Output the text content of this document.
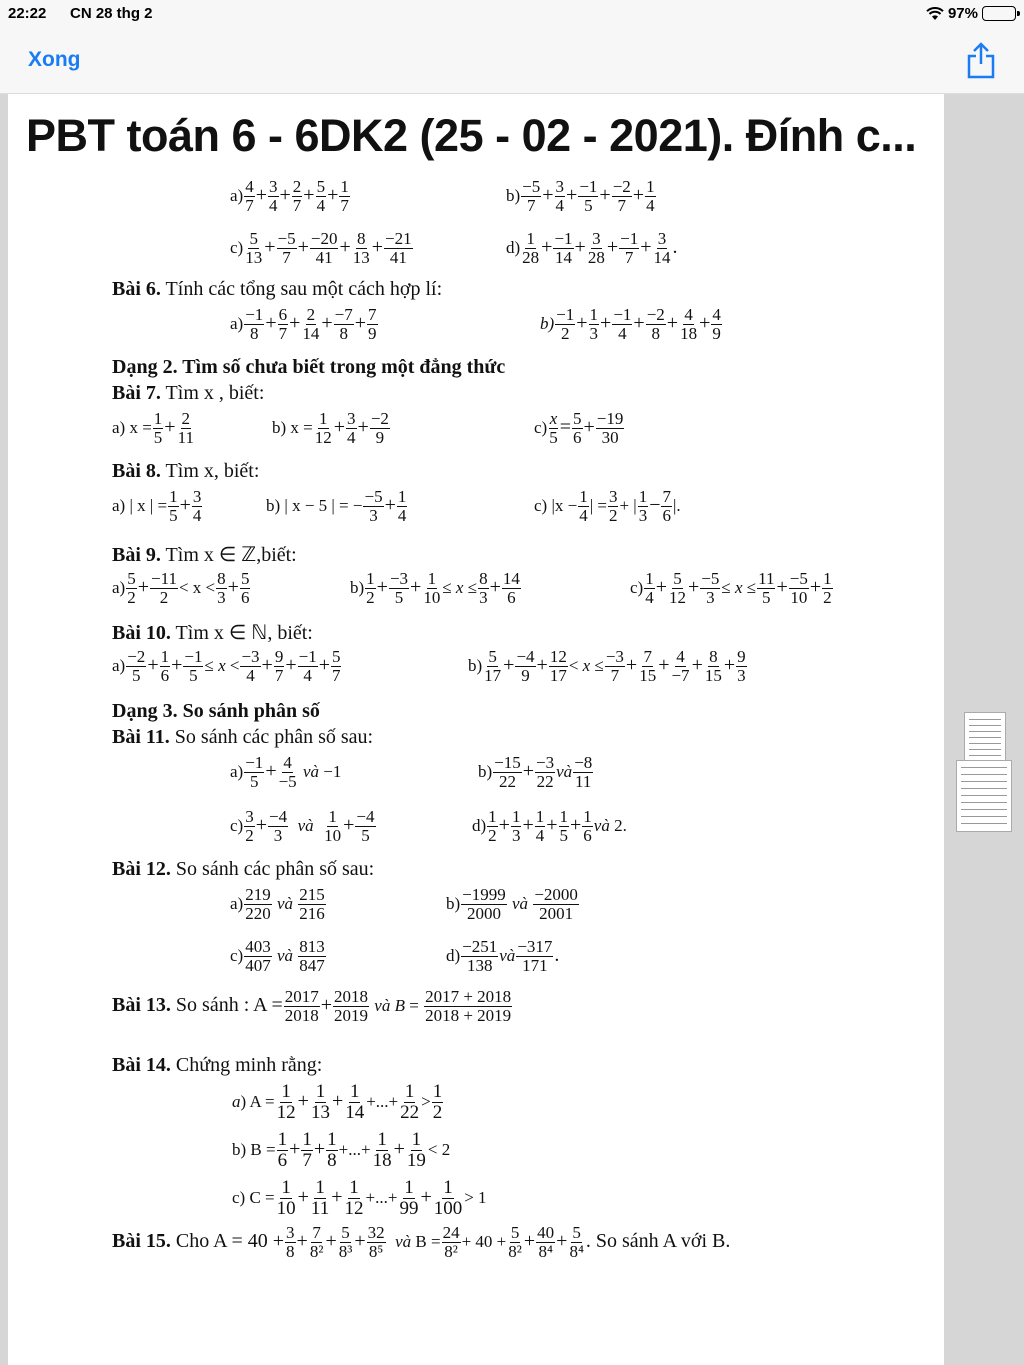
22:22 CN 28 thg 2	97%
Xong
PBT toán 6 - 6DK2 (25 - 02 - 2021). Đính c...
$a) \frac{4}{7} + \frac{3}{4} + \frac{2}{7} + \frac{5}{4} + \frac{1}{7}$	$b) \frac{-5}{7} + \frac{3}{4} + \frac{-1}{5} + \frac{-2}{7} + \frac{1}{4}$
$c) \frac{5}{13} + \frac{-5}{7} + \frac{-20}{41} + \frac{8}{13} + \frac{-21}{41}$	$d) \frac{1}{28} + \frac{-1}{14} + \frac{3}{28} + \frac{-1}{7} + \frac{3}{14}$ .
Bài 6. Tính các tổng sau một cách hợp lí:
$a) \frac{-1}{8} + \frac{6}{7} + \frac{2}{14} + \frac{-7}{8} + \frac{7}{9}$	$b) \frac{-1}{2} + \frac{1}{3} + \frac{-1}{4} + \frac{-2}{8} + \frac{4}{18} + \frac{4}{9}$
Dạng 2. Tìm số chưa biết trong một đẳng thức
Bài 7. Tìm x , biết:
a) $x = \frac{1}{5} + \frac{2}{11}$	b) $x = \frac{1}{12} + \frac{3}{4} + \frac{-2}{9}$	$c) \frac{x}{5} = \frac{5}{6} + \frac{-19}{30}$
Bài 8. Tìm x, biết:
a) | x | = $\frac{1}{5} + \frac{3}{4}$	b) | x − 5 | = − $\frac{-5}{3} + \frac{1}{4}$	c) $|x - \frac{1}{4}$ | = $\frac{3}{2}$ + | $\frac{1}{3} - \frac{7}{6}$ |.
Bài 9. Tìm x ∈ ℤ,biết:
$a) \frac{5}{2} + \frac{-11}{2} < x < \frac{8}{3} + \frac{5}{6}$	$b) \frac{1}{2} + \frac{-3}{5} + \frac{1}{10} \le x \le \frac{8}{3} + \frac{14}{6}$	$c) \frac{1}{4} + \frac{5}{12} + \frac{-5}{3} \le x \le \frac{11}{5} + \frac{-5}{10} + \frac{1}{2}$
Bài 10. Tìm x ∈ ℕ, biết:
$a) \frac{-2}{5} + \frac{1}{6} + \frac{-1}{5} \le x < \frac{-3}{4} + \frac{9}{7} + \frac{-1}{4} + \frac{5}{7}$	$b) \frac{5}{17} + \frac{-4}{9} + \frac{12}{17} < x \le \frac{-3}{7} + \frac{7}{15} + \frac{4}{-7} + \frac{8}{15} + \frac{9}{3}$
Dạng 3. So sánh phân số
Bài 11. So sánh các phân số sau:
$a) \frac{-1}{5} + \frac{4}{-5}$ và −1	$b) \frac{-15}{22} + \frac{-3}{22}$ và $\frac{-8}{11}$
$c) \frac{3}{2} + \frac{-4}{3}$ và $\frac{1}{10} + \frac{-4}{5}$	$d) \frac{1}{2} + \frac{1}{3} + \frac{1}{4} + \frac{1}{5} + \frac{1}{6}$ và 2.
Bài 12. So sánh các phân số sau:
$a) \frac{219}{220}$ và $\frac{215}{216}$	$b) \frac{-1999}{2000}$ và $\frac{-2000}{2001}$
$c) \frac{403}{407}$ và $\frac{813}{847}$	$d) \frac{-251}{138}$ và $\frac{-317}{171}$ .
Bài 13. So sánh : $A = \frac{2017}{2018} + \frac{2018}{2019}$ và $B = \frac{2017 + 2018}{2018 + 2019}$
Bài 14. Chứng minh rằng:
a) $A = \frac{1}{12} + \frac{1}{13} + \frac{1}{14}$ +...+ $\frac{1}{22} > \frac{1}{2}$
b) $B = \frac{1}{6} + \frac{1}{7} + \frac{1}{8}$ +...+ $\frac{1}{18} + \frac{1}{19} < 2$
c) $C = \frac{1}{10} + \frac{1}{11} + \frac{1}{12}$ +...+ $\frac{1}{99} + \frac{1}{100} > 1$
Bài 15. Cho $A = 40 + \frac{3}{8} + \frac{7}{\text{8²}} + \frac{5}{\text{8³}} + \frac{32}{\text{8⁵}}$ và $B = \frac{24}{\text{8²}} + 40 + \frac{5}{\text{8²}} + \frac{40}{\text{8⁴}} + \frac{5}{\text{8⁴}}$ . So sánh A với B.
